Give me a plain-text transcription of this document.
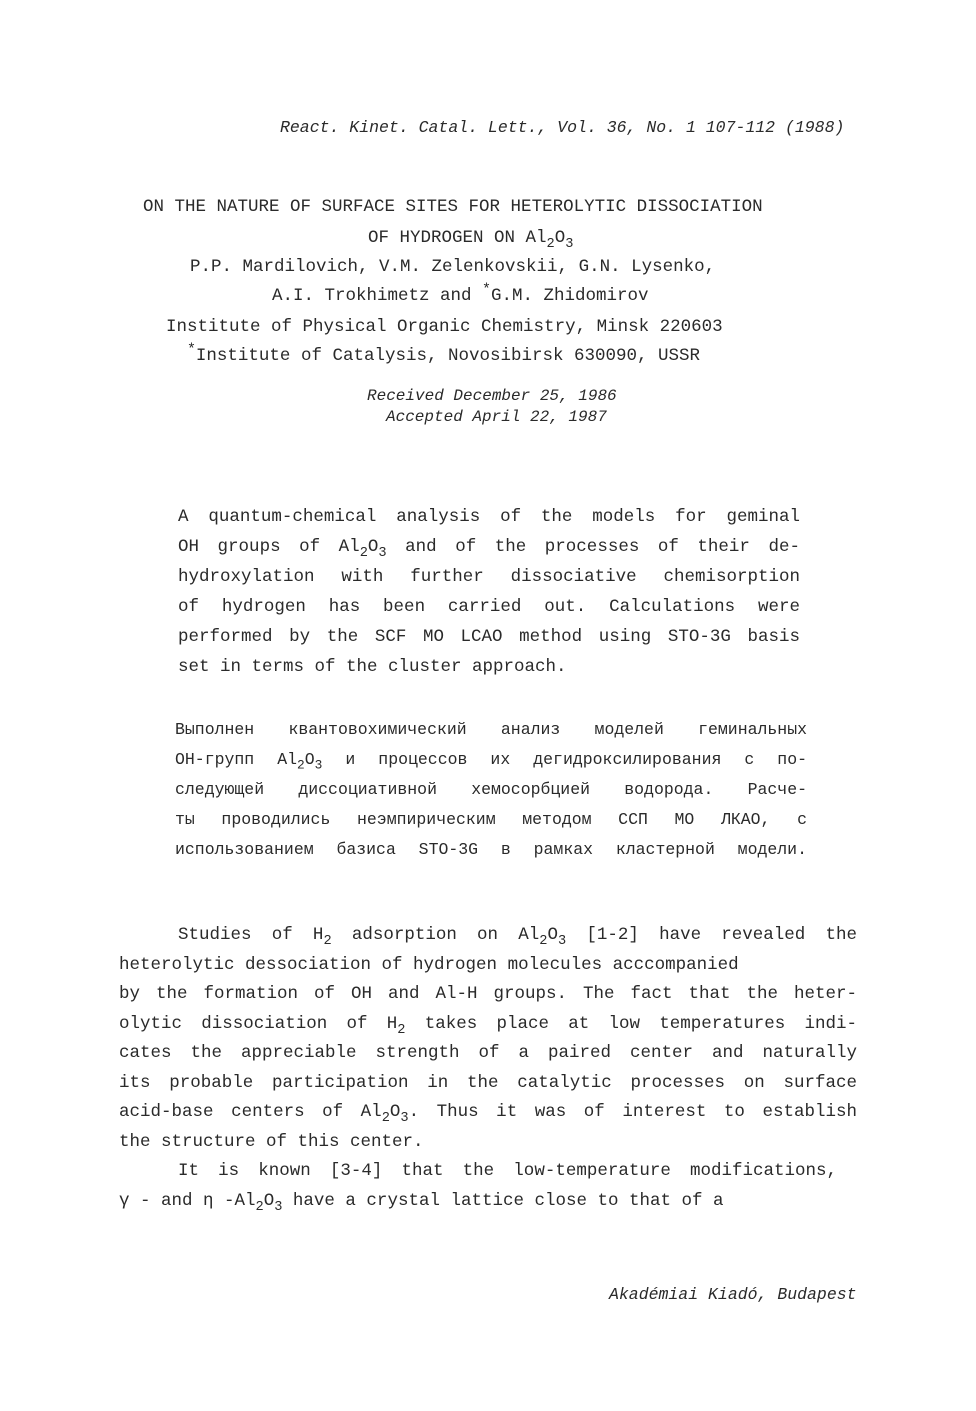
React. Kinet. Catal. Lett., Vol. 36, No. 1 107-112 (1988)
ON THE NATURE OF SURFACE SITES FOR HETEROLYTIC DISSOCIATION
OF HYDROGEN ON $Al_2O_3$
P.P. Mardilovich, V.M. Zelenkovskii, G.N. Lysenko,
A.I. Trokhimetz and *G.M. Zhidomirov
Institute of Physical Organic Chemistry, Minsk 220603
*Institute of Catalysis, Novosibirsk 630090, USSR
Received December 25, 1986
Accepted April 22, 1987
A quantum-chemical analysis of the models for geminal
OH groups of $Al_2O_3$ and of the processes of their de-
hydroxylation with further dissociative chemisorption
of hydrogen has been carried out. Calculations were
performed by the SCF MO LCAO method using STO-3G basis
set in terms of the cluster approach.
Выполнен квантовохимический анализ моделей геминальных
ОН-групп $Al_2O_3$ и процессов их дегидроксилирования с по-
следующей диссоциативной хемосорбцией водорода. Расче-
ты проводились неэмпирическим методом ССП МО ЛКАО, с
использованием базиса STO-3G в рамках кластерной модели.
Studies of $H_2$ adsorption on $Al_2O_3$ [1-2] have revealed the
heterolytic dessociation of hydrogen molecules acccompanied
by the formation of OH and Al-H groups. The fact that the heter-
olytic dissociation of $H_2$ takes place at low temperatures indi-
cates the appreciable strength of a paired center and naturally
its probable participation in the catalytic processes on surface
acid-base centers of $Al_2O_3$. Thus it was of interest to establish
the structure of this center.
It is known [3-4] that the low-temperature modifications,
γ - and η $-Al_2O_3$ have a crystal lattice close to that of a
Akadémiai Kiadó, Budapest
